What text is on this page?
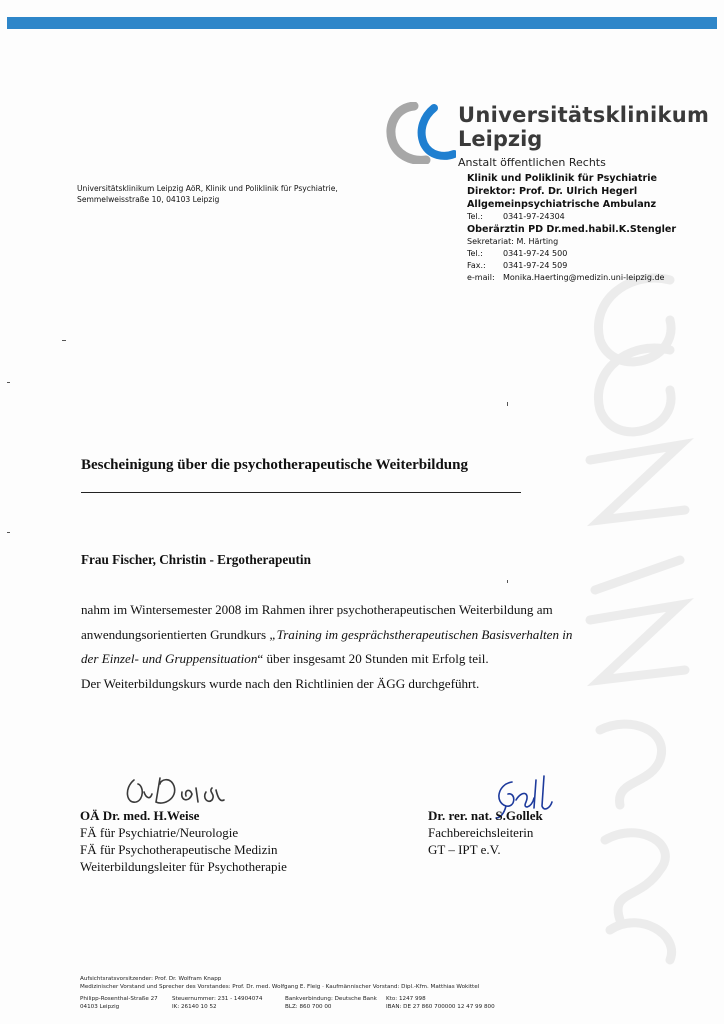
Universitätsklinikum
Leipzig
Anstalt öffentlichen Rechts
Klinik und Poliklinik für Psychiatrie
Direktor: Prof. Dr. Ulrich Hegerl
Allgemeinpsychiatrische Ambulanz
Tel.:	0341-97-24304
Oberärztin PD Dr.med.habil.K.Stengler
Sekretariat: M. Härting
Tel.:	0341-97-24 500
Fax.:	0341-97-24 509
e-mail:	Monika.Haerting@medizin.uni-leipzig.de
Universitätsklinikum Leipzig AöR, Klinik und Poliklinik für Psychiatrie,
Semmelweisstraße 10, 04103 Leipzig
Bescheinigung über die psychotherapeutische Weiterbildung
Frau Fischer, Christin - Ergotherapeutin
nahm im Wintersemester 2008 im Rahmen ihrer psychotherapeutischen Weiterbildung am
anwendungsorientierten Grundkurs „Training im gesprächstherapeutischen Basisverhalten in
der Einzel- und Gruppensituation“ über insgesamt 20 Stunden mit Erfolg teil.
Der Weiterbildungskurs wurde nach den Richtlinien der ÄGG durchgeführt.
OÄ Dr. med. H.Weise
FÄ für Psychiatrie/Neurologie
FÄ für Psychotherapeutische Medizin
Weiterbildungsleiter für Psychotherapie
Dr. rer. nat. S.Gollek
Fachbereichsleiterin
GT – IPT e.V.
Aufsichtsratsvorsitzender: Prof. Dr. Wolfram Knapp
Medizinischer Vorstand und Sprecher des Vorstandes: Prof. Dr. med. Wolfgang E. Fleig · Kaufmännischer Vorstand: Dipl.-Kfm. Matthias Wokittel
Philipp-Rosenthal-Straße 27
04103 Leipzig
Steuernummer: 231 - 14904074
IK: 26140 10 52
Bankverbindung: Deutsche Bank
BLZ: 860 700 00
Kto: 1247 998
IBAN: DE 27 860 700000 12 47 99 800
